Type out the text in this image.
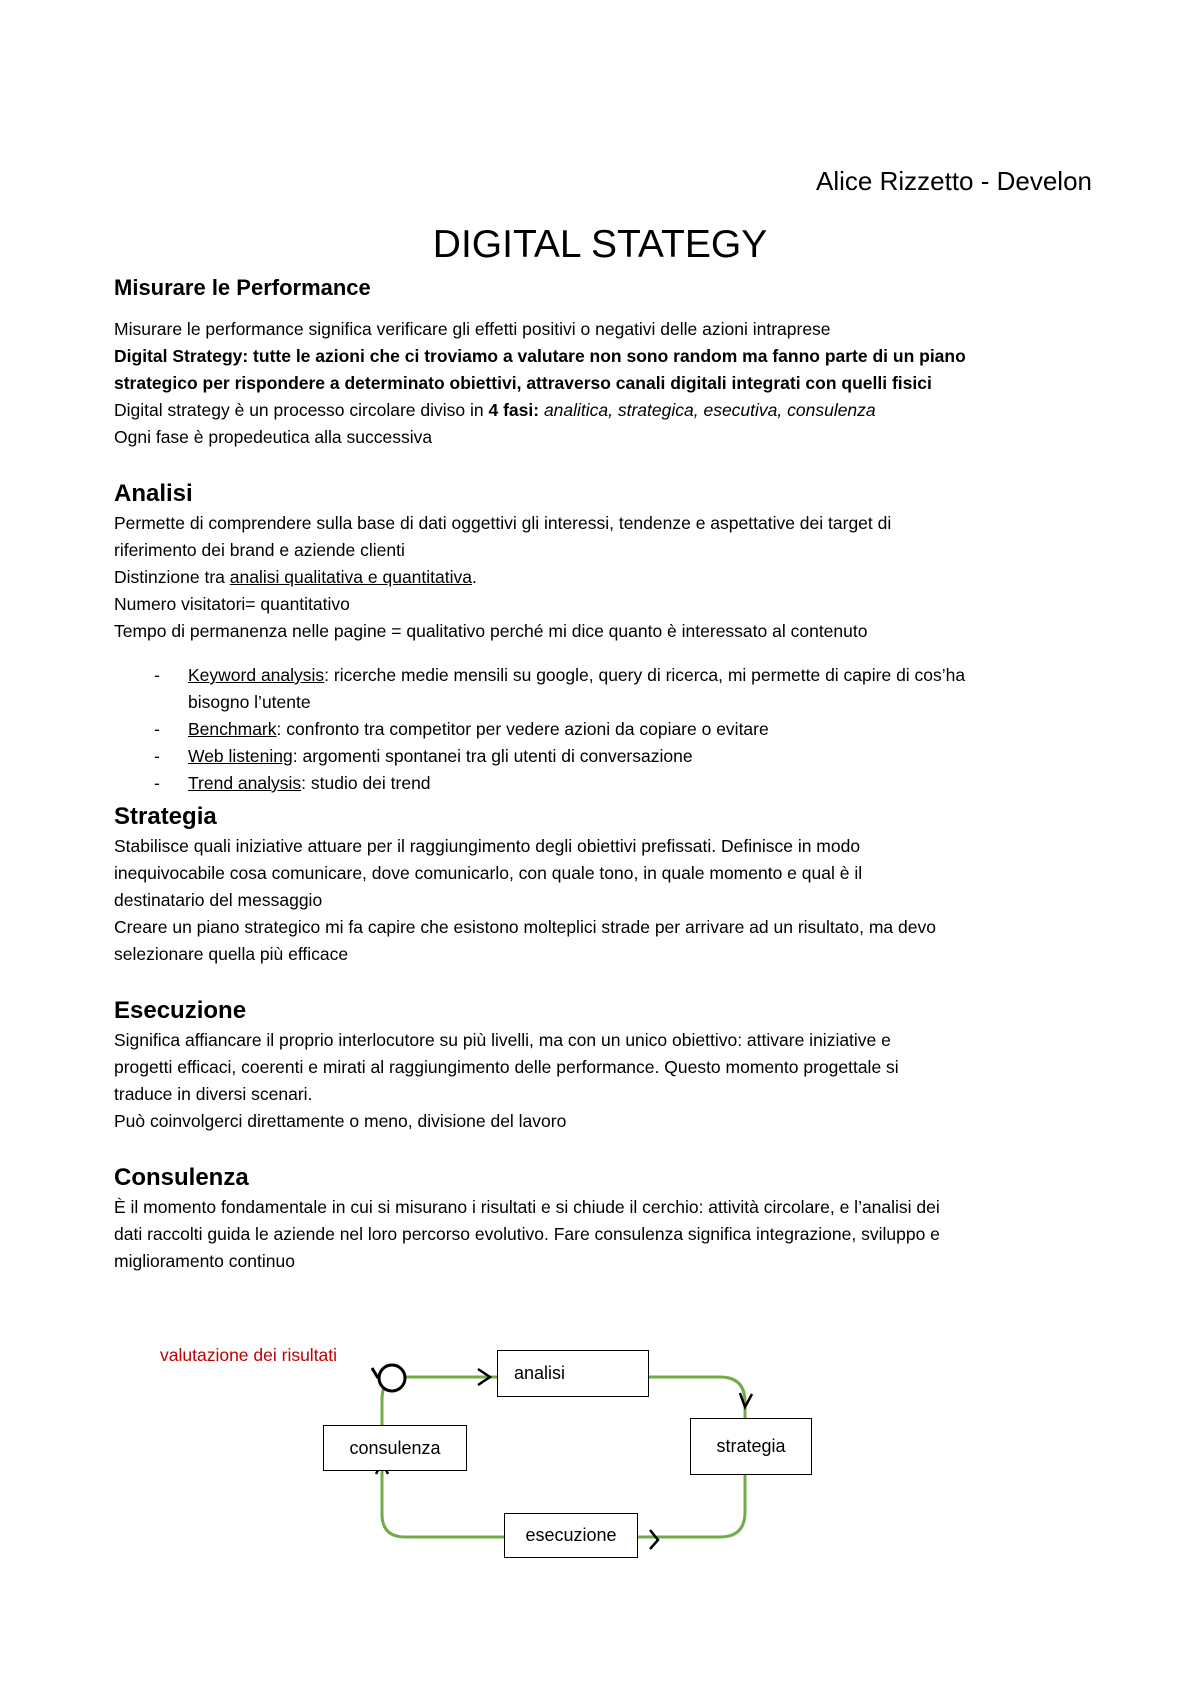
Alice Rizzetto - Develon
DIGITAL STATEGY
Misurare le Performance

Misurare le performance significa verificare gli effetti positivi o negativi delle azioni intraprese

Digital Strategy: tutte le azioni che ci troviamo a valutare non sono random ma fanno parte di un piano

strategico per rispondere a determinato obiettivi, attraverso canali digitali integrati con quelli fisici

Digital strategy è un processo circolare diviso in 4 fasi: analitica, strategica, esecutiva, consulenza

Ogni fase è propedeutica alla successiva

Analisi

Permette di comprendere sulla base di dati oggettivi gli interessi, tendenze e aspettative dei target di

riferimento dei brand e aziende clienti

Distinzione tra analisi qualitativa e quantitativa.

Numero visitatori= quantitativo

Tempo di permanenza nelle pagine = qualitativo perché mi dice quanto è interessato al contenuto

- Keyword analysis: ricerche medie mensili su google, query di ricerca, mi permette di capire di cos’ha
bisogno l’utente
- Benchmark: confronto tra competitor per vedere azioni da copiare o evitare
- Web listening: argomenti spontanei tra gli utenti di conversazione
- Trend analysis: studio dei trend
Strategia

Stabilisce quali iniziative attuare per il raggiungimento degli obiettivi prefissati. Definisce in modo

inequivocabile cosa comunicare, dove comunicarlo, con quale tono, in quale momento e qual è il

destinatario del messaggio

Creare un piano strategico mi fa capire che esistono molteplici strade per arrivare ad un risultato, ma devo

selezionare quella più efficace

Esecuzione

Significa affiancare il proprio interlocutore su più livelli, ma con un unico obiettivo: attivare iniziative e

progetti efficaci, coerenti e mirati al raggiungimento delle performance. Questo momento progettale si

traduce in diversi scenari.

Può coinvolgerci direttamente o meno, divisione del lavoro

Consulenza

È il momento fondamentale in cui si misurano i risultati e si chiude il cerchio: attività circolare, e l’analisi dei

dati raccolti guida le aziende nel loro percorso evolutivo. Fare consulenza significa integrazione, sviluppo e

miglioramento continuo

valutazione dei risultati
analisi
strategia
esecuzione
consulenza
